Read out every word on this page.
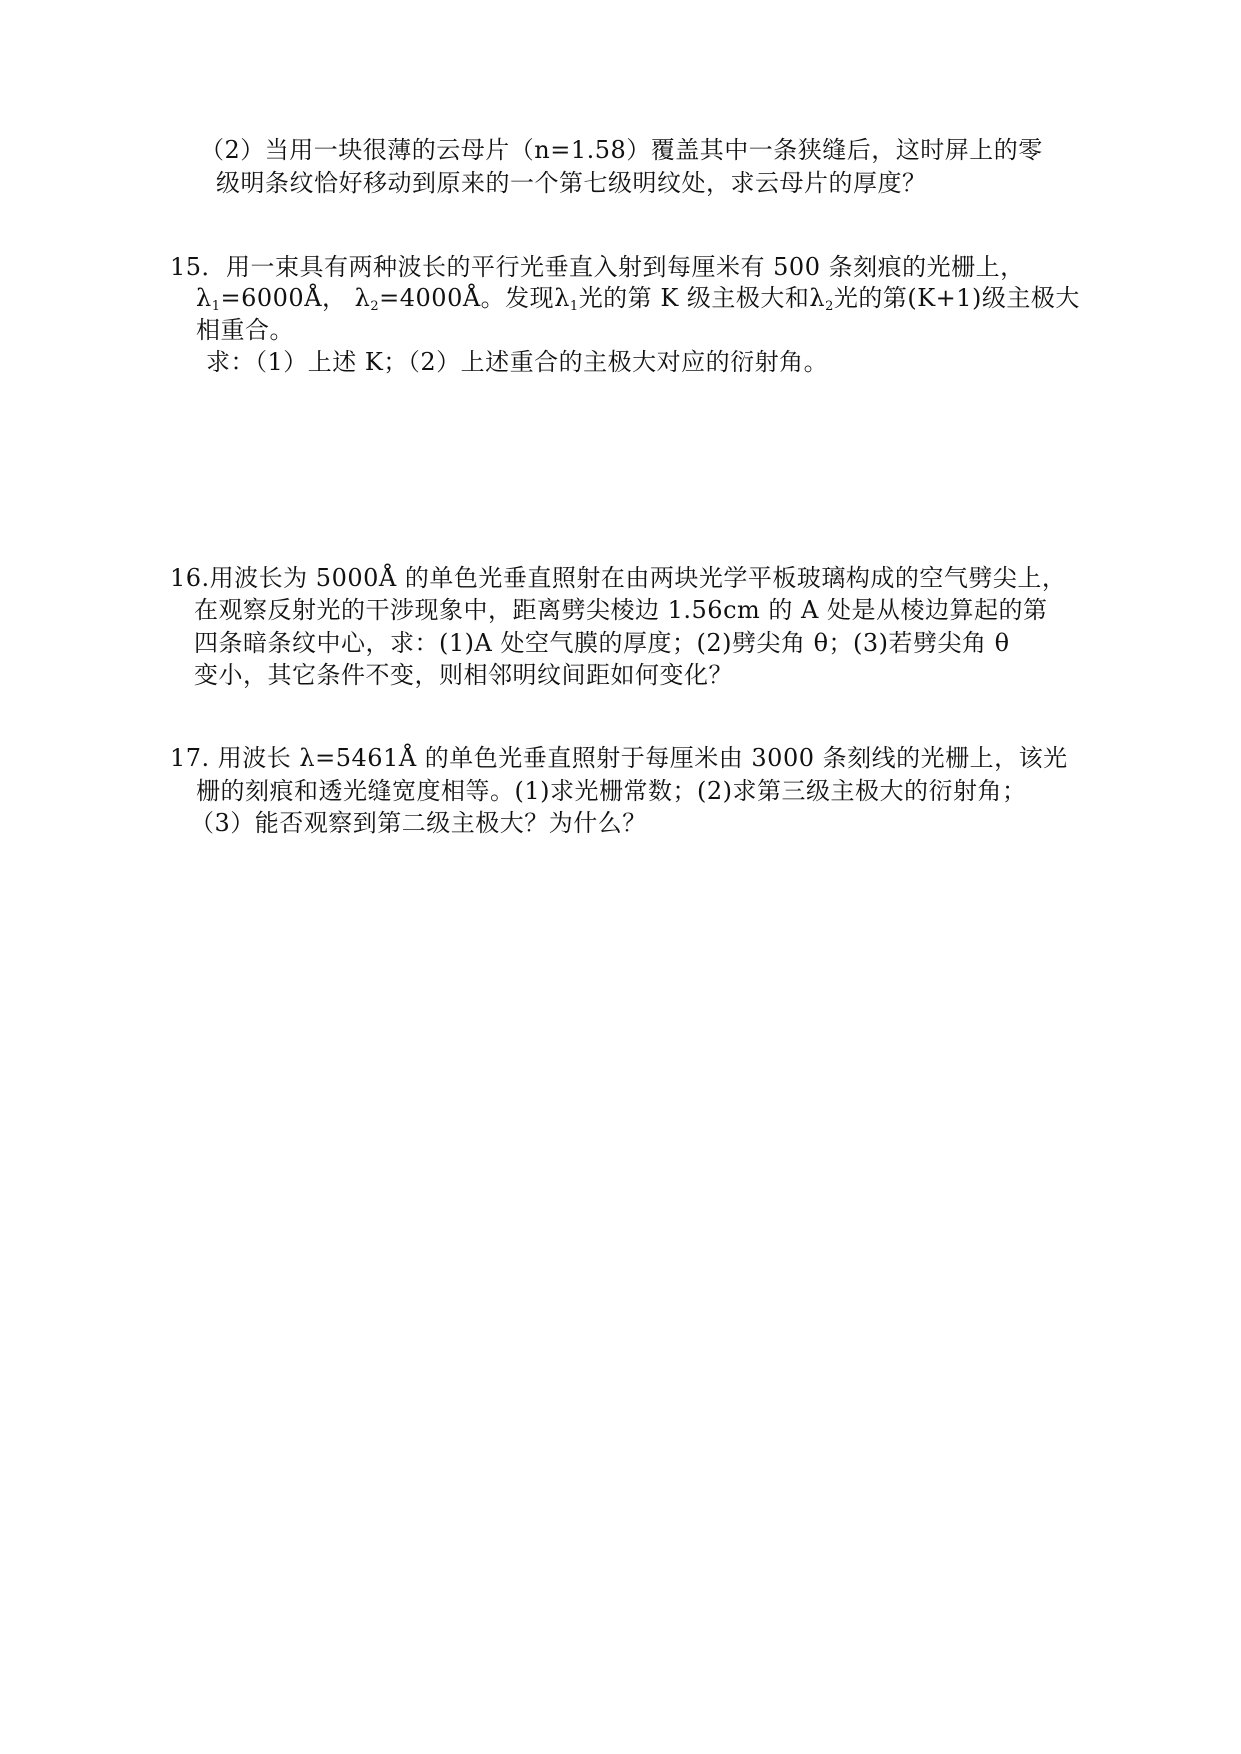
（2）当用一块很薄的云母片（n=1.58）覆盖其中一条狭缝后，这时屏上的零
级明条纹恰好移动到原来的一个第七级明纹处，求云母片的厚度？
15．用一束具有两种波长的平行光垂直入射到每厘米有 500 条刻痕的光栅上，
$\lambda_1=6000Å$， $\lambda_2=4000Å$。发现$\lambda_1$光的第 K 级主极大和$\lambda_2$光的第(K+1)级主极大
相重合。
求：（1）上述 K；（2）上述重合的主极大对应的衍射角。
16.用波长为 5000Å 的单色光垂直照射在由两块光学平板玻璃构成的空气劈尖上，
在观察反射光的干涉现象中，距离劈尖棱边 1.56cm 的 A 处是从棱边算起的第
四条暗条纹中心，求：(1)A 处空气膜的厚度；(2)劈尖角 θ；(3)若劈尖角 θ
变小，其它条件不变，则相邻明纹间距如何变化？
17. 用波长 λ=5461Å 的单色光垂直照射于每厘米由 3000 条刻线的光栅上，该光
栅的刻痕和透光缝宽度相等。(1)求光栅常数；(2)求第三级主极大的衍射角；
（3）能否观察到第二级主极大？为什么？
